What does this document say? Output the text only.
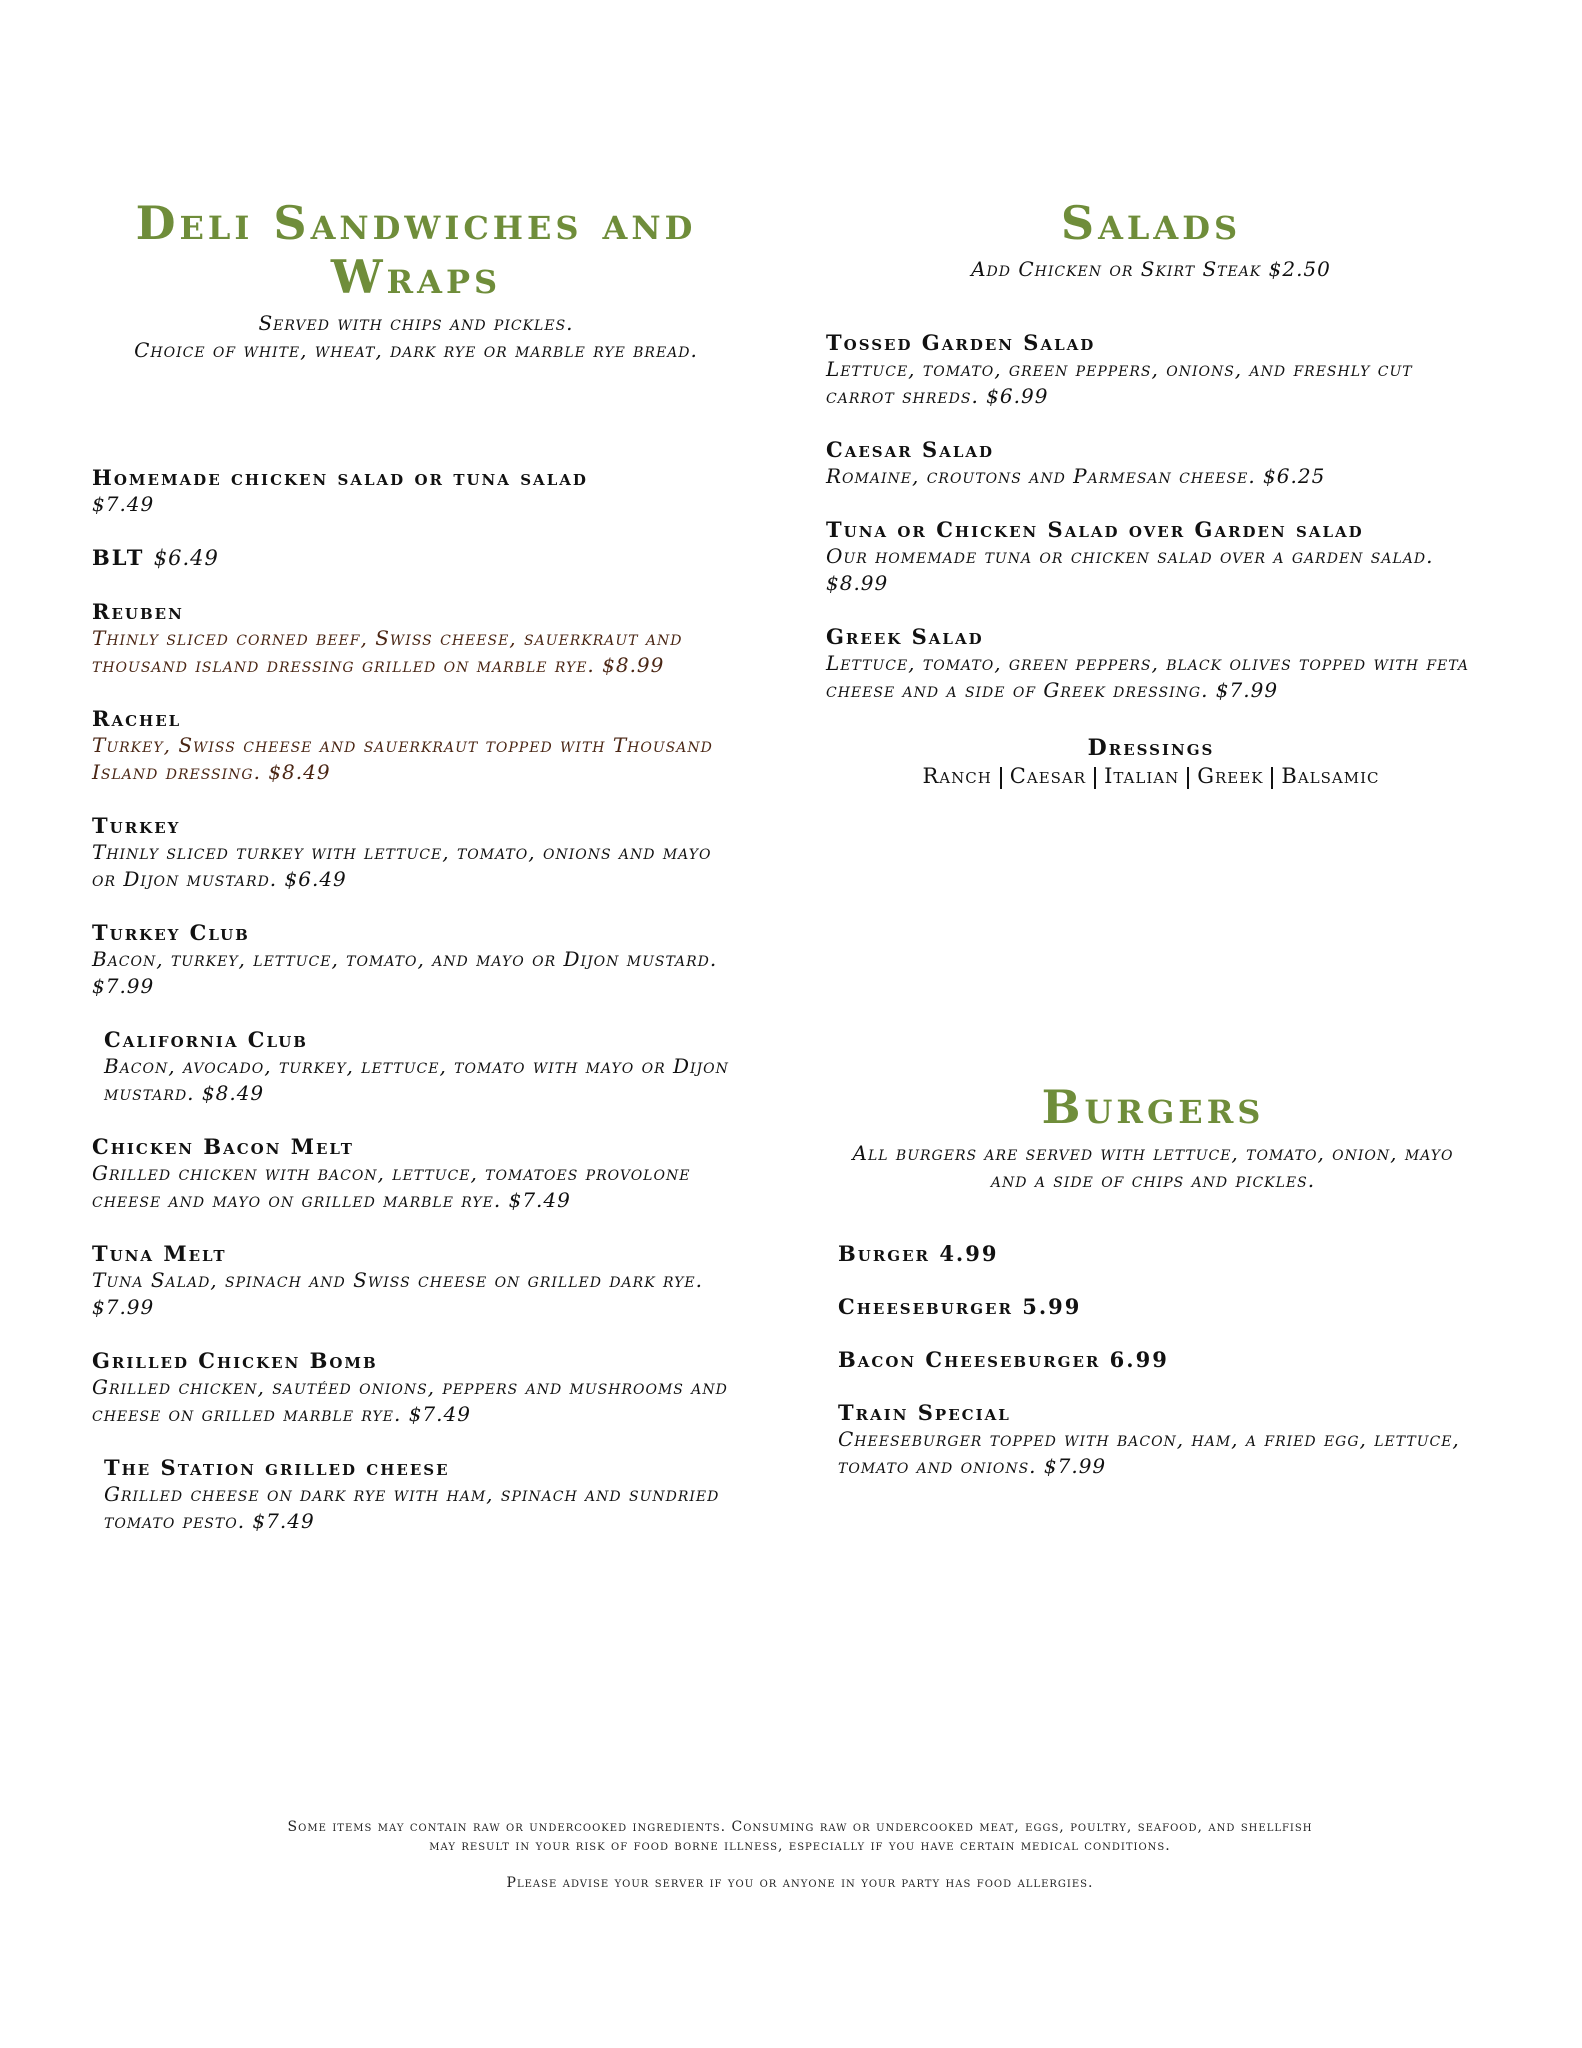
Deli Sandwiches and Wraps

Served with chips and pickles.

Choice of white, wheat, dark rye or marble rye bread.

Homemade chicken salad or tuna salad
$7.49
BLT $6.49
Reuben
Thinly sliced corned beef, Swiss cheese, sauerkraut and thousand island dressing grilled on marble rye. $8.99
Rachel
Turkey, Swiss cheese and sauerkraut topped with Thousand Island dressing. $8.49
Turkey
Thinly sliced turkey with lettuce, tomato, onions and mayo or Dijon mustard. $6.49
Turkey Club
Bacon, turkey, lettuce, tomato, and mayo or Dijon mustard. $7.99
California Club
Bacon, avocado, turkey, lettuce, tomato with mayo or Dijon mustard. $8.49
Chicken Bacon Melt
Grilled chicken with bacon, lettuce, tomatoes provolone cheese and mayo on grilled marble rye. $7.49
Tuna Melt
Tuna Salad, spinach and Swiss cheese on grilled dark rye. $7.99
Grilled Chicken Bomb
Grilled chicken, sautéed onions, peppers and mushrooms and cheese on grilled marble rye. $7.49
The Station grilled cheese
Grilled cheese on dark rye with ham, spinach and sundried tomato pesto. $7.49
Salads

Add Chicken or Skirt Steak $2.50

Tossed Garden Salad
Lettuce, tomato, green peppers, onions, and freshly cut carrot shreds. $6.99
Caesar Salad
Romaine, croutons and Parmesan cheese. $6.25
Tuna or Chicken Salad over Garden salad
Our homemade tuna or chicken salad over a garden salad. $8.99
Greek Salad
Lettuce, tomato, green peppers, black olives topped with feta cheese and a side of Greek dressing. $7.99
Dressings
Ranch Caesar Italian Greek Balsamic
Burgers

All burgers are served with lettuce, tomato, onion, mayo and a side of chips and pickles.

Burger 4.99
Cheeseburger 5.99
Bacon Cheeseburger 6.99
Train Special
Cheeseburger topped with bacon, ham, a fried egg, lettuce, tomato and onions. $7.99

Some items may contain raw or undercooked ingredients. Consuming raw or undercooked meat, eggs, poultry, seafood, and shellfish may result in your risk of food borne illness, especially if you have certain medical conditions.

Please advise your server if you or anyone in your party has food allergies.
